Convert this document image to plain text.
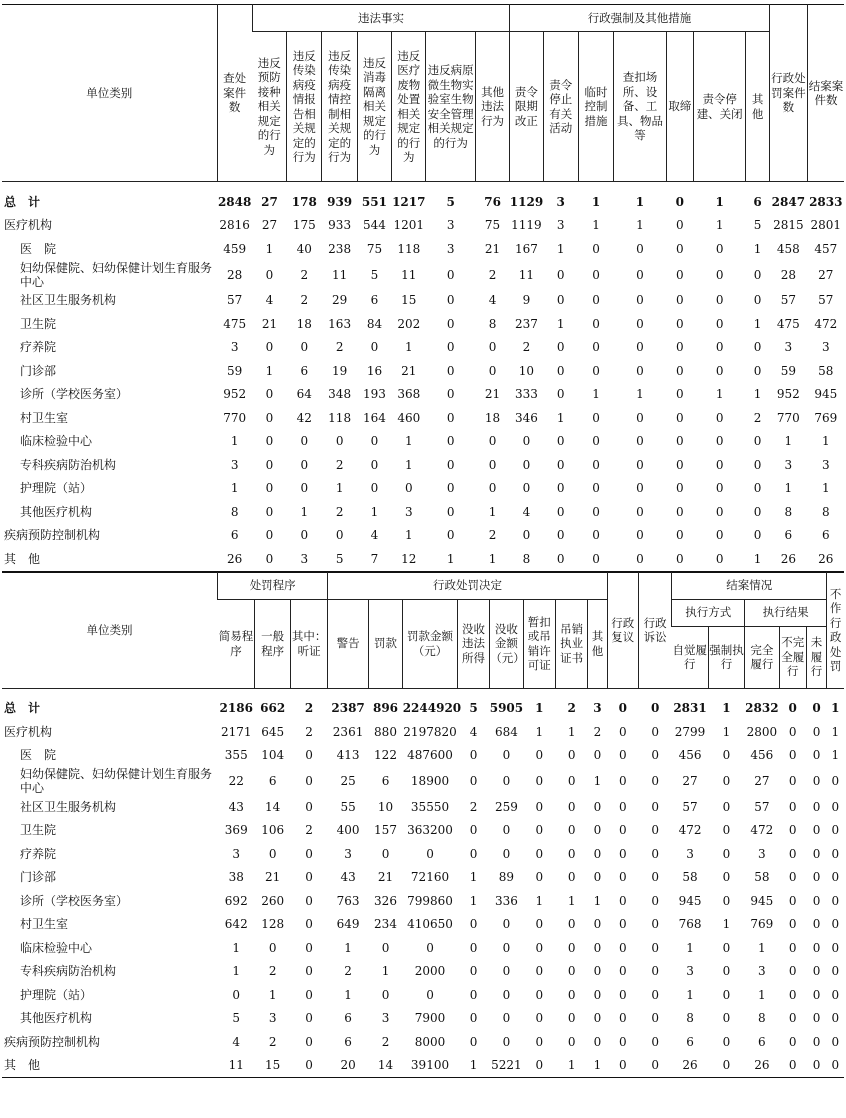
单位类别	查处案件数	违法事实							行政强制及其他措施							行政处罚案件数	结案案件数
		违反预防接种相关规定的行为	违反传染病疫情报告相关规定的行为	违反传染病疫情控制相关规定的行为	违反消毒隔离相关规定的行为	违反医疗废物处置相关规定的行为	违反病原微生物实验室生物安全管理相关规定的行为	其他违法行为	责令限期改正	责令停止有关活动	临时控制措施	查扣场所、设备、工具、物品等	取缔	责令停建、关闭	其他		
总　计	2848	27	178	939	551	1217	5	76	1129	3	1	1	0	1	6	2847	2833
医疗机构	2816	27	175	933	544	1201	3	75	1119	3	1	1	0	1	5	2815	2801
医　院	459	1	40	238	75	118	3	21	167	1	0	0	0	0	1	458	457
妇幼保健院、妇幼保健计划生育服务中心	28	0	2	11	5	11	0	2	11	0	0	0	0	0	0	28	27
社区卫生服务机构	57	4	2	29	6	15	0	4	9	0	0	0	0	0	0	57	57
卫生院	475	21	18	163	84	202	0	8	237	1	0	0	0	0	1	475	472
疗养院	3	0	0	2	0	1	0	0	2	0	0	0	0	0	0	3	3
门诊部	59	1	6	19	16	21	0	0	10	0	0	0	0	0	0	59	58
诊所（学校医务室）	952	0	64	348	193	368	0	21	333	0	1	1	0	1	1	952	945
村卫生室	770	0	42	118	164	460	0	18	346	1	0	0	0	0	2	770	769
临床检验中心	1	0	0	0	0	1	0	0	0	0	0	0	0	0	0	1	1
专科疾病防治机构	3	0	0	2	0	1	0	0	0	0	0	0	0	0	0	3	3
护理院（站）	1	0	0	1	0	0	0	0	0	0	0	0	0	0	0	1	1
其他医疗机构	8	0	1	2	1	3	0	1	4	0	0	0	0	0	0	8	8
疾病预防控制机构	6	0	0	0	4	1	0	2	0	0	0	0	0	0	0	6	6
其　他	26	0	3	5	7	12	1	1	8	0	0	0	0	0	1	26	26
单位类别	处罚程序			行政处罚决定								行政复议	行政诉讼	结案情况					不作行政处罚
	简易程序	一般程序	其中：听证	警告	罚款	罚款金额（元）	没收违法所得	没收金额（元）	暂扣或吊销许可证	吊销执业证书	其他			执行方式		执行结果			
														自觉履行	强制执行	完全履行	不完全履行	未履行	
总　计	2186	662	2	2387	896	2244920	5	5905	1	2	3	0	0	2831	1	2832	0	0	1
医疗机构	2171	645	2	2361	880	2197820	4	684	1	1	2	0	0	2799	1	2800	0	0	1
医　院	355	104	0	413	122	487600	0	0	0	0	0	0	0	456	0	456	0	0	1
妇幼保健院、妇幼保健计划生育服务中心	22	6	0	25	6	18900	0	0	0	0	1	0	0	27	0	27	0	0	0
社区卫生服务机构	43	14	0	55	10	35550	2	259	0	0	0	0	0	57	0	57	0	0	0
卫生院	369	106	2	400	157	363200	0	0	0	0	0	0	0	472	0	472	0	0	0
疗养院	3	0	0	3	0	0	0	0	0	0	0	0	0	3	0	3	0	0	0
门诊部	38	21	0	43	21	72160	1	89	0	0	0	0	0	58	0	58	0	0	0
诊所（学校医务室）	692	260	0	763	326	799860	1	336	1	1	1	0	0	945	0	945	0	0	0
村卫生室	642	128	0	649	234	410650	0	0	0	0	0	0	0	768	1	769	0	0	0
临床检验中心	1	0	0	1	0	0	0	0	0	0	0	0	0	1	0	1	0	0	0
专科疾病防治机构	1	2	0	2	1	2000	0	0	0	0	0	0	0	3	0	3	0	0	0
护理院（站）	0	1	0	1	0	0	0	0	0	0	0	0	0	1	0	1	0	0	0
其他医疗机构	5	3	0	6	3	7900	0	0	0	0	0	0	0	8	0	8	0	0	0
疾病预防控制机构	4	2	0	6	2	8000	0	0	0	0	0	0	0	6	0	6	0	0	0
其　他	11	15	0	20	14	39100	1	5221	0	1	1	0	0	26	0	26	0	0	0
